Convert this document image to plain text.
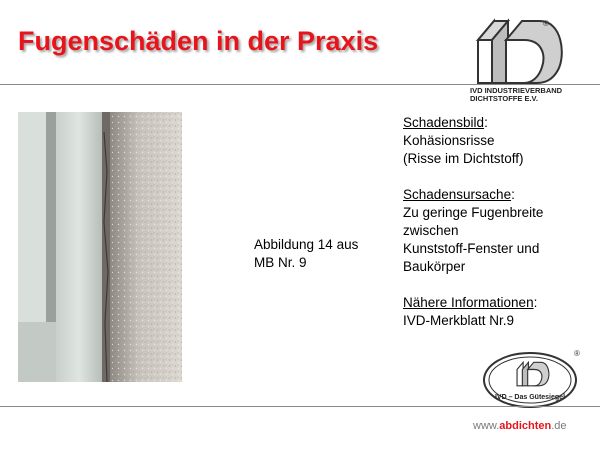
Fugenschäden in der Praxis
®
IVD INDUSTRIEVERBAND
DICHTSTOFFE E.V.
Abbildung 14 aus
MB Nr. 9
Schadensbild:
Kohäsionsrisse
(Risse im Dichtstoff)
Schadensursache:
Zu geringe Fugenbreite
zwischen
Kunststoff-Fenster und
Baukörper
Nähere Informationen:
IVD-Merkblatt Nr.9
®
IVD – Das Gütesiegel
www.abdichten.de
